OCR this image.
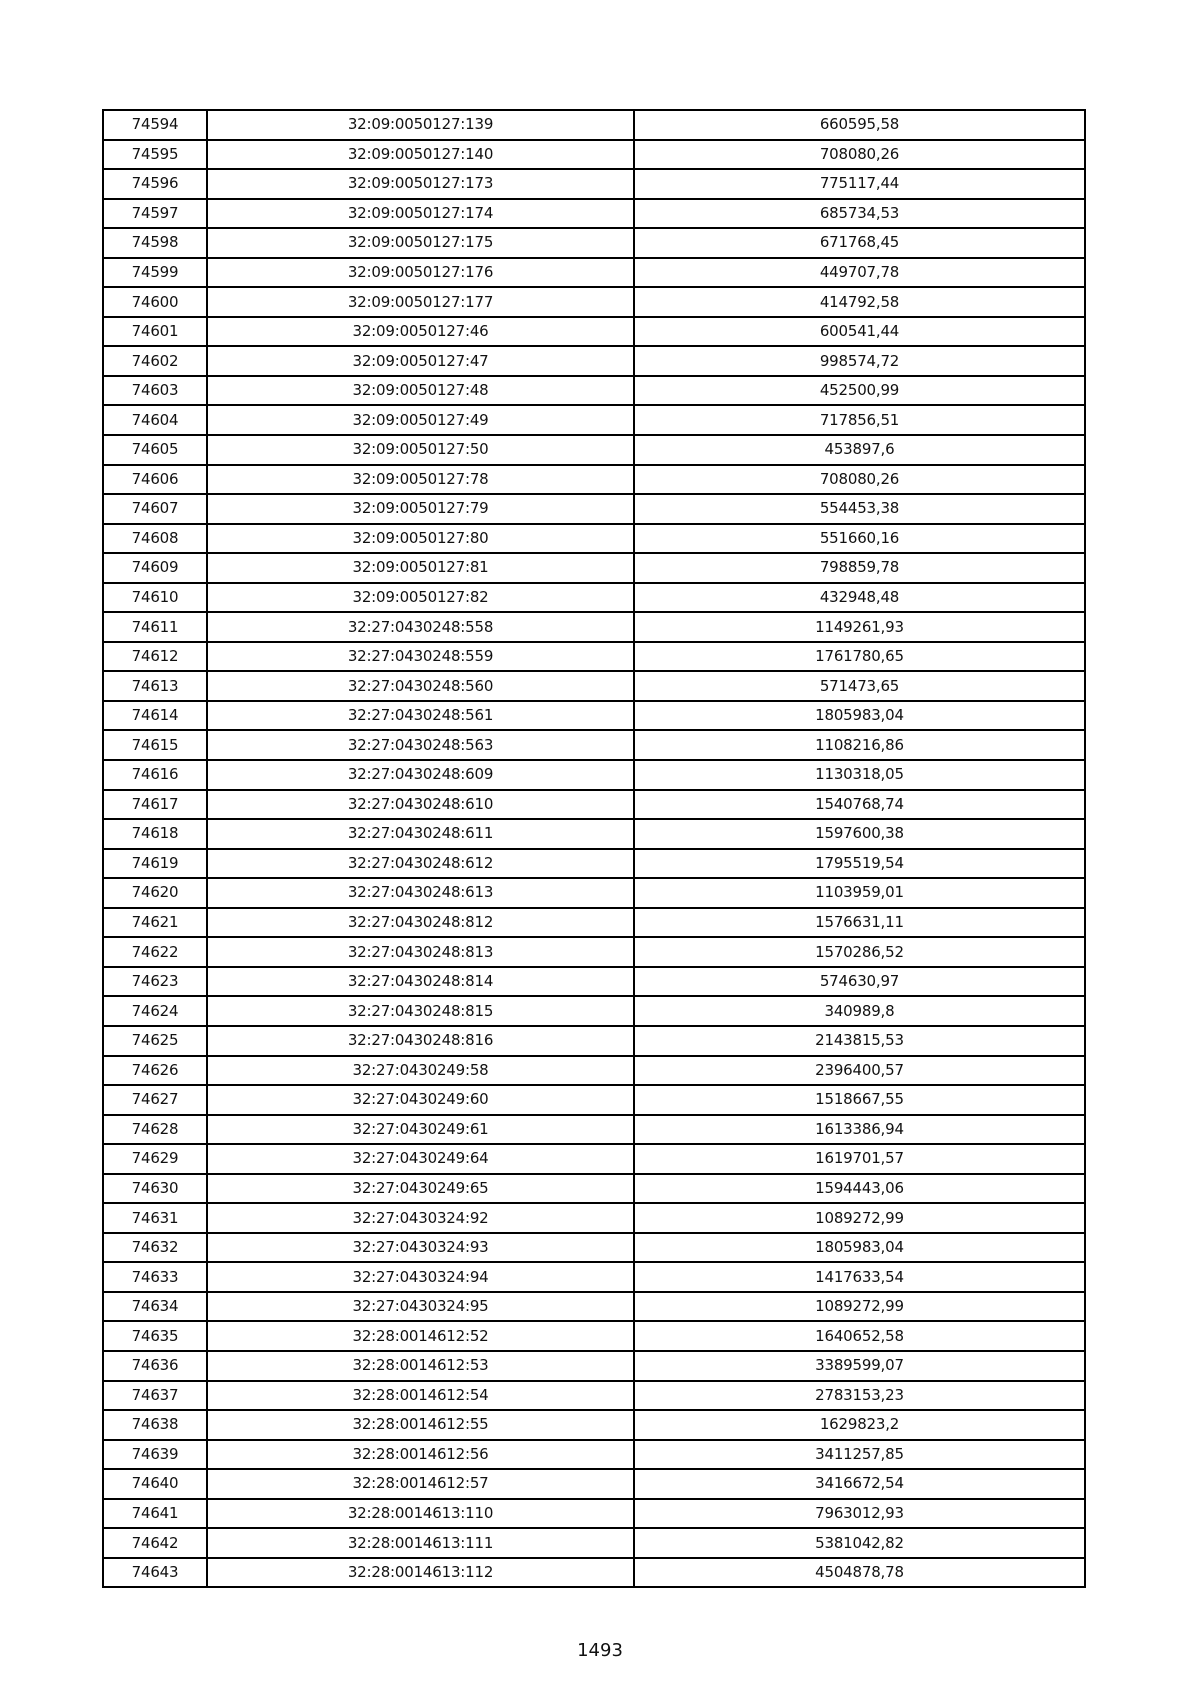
74594	32:09:0050127:139	660595,58
74595	32:09:0050127:140	708080,26
74596	32:09:0050127:173	775117,44
74597	32:09:0050127:174	685734,53
74598	32:09:0050127:175	671768,45
74599	32:09:0050127:176	449707,78
74600	32:09:0050127:177	414792,58
74601	32:09:0050127:46	600541,44
74602	32:09:0050127:47	998574,72
74603	32:09:0050127:48	452500,99
74604	32:09:0050127:49	717856,51
74605	32:09:0050127:50	453897,6
74606	32:09:0050127:78	708080,26
74607	32:09:0050127:79	554453,38
74608	32:09:0050127:80	551660,16
74609	32:09:0050127:81	798859,78
74610	32:09:0050127:82	432948,48
74611	32:27:0430248:558	1149261,93
74612	32:27:0430248:559	1761780,65
74613	32:27:0430248:560	571473,65
74614	32:27:0430248:561	1805983,04
74615	32:27:0430248:563	1108216,86
74616	32:27:0430248:609	1130318,05
74617	32:27:0430248:610	1540768,74
74618	32:27:0430248:611	1597600,38
74619	32:27:0430248:612	1795519,54
74620	32:27:0430248:613	1103959,01
74621	32:27:0430248:812	1576631,11
74622	32:27:0430248:813	1570286,52
74623	32:27:0430248:814	574630,97
74624	32:27:0430248:815	340989,8
74625	32:27:0430248:816	2143815,53
74626	32:27:0430249:58	2396400,57
74627	32:27:0430249:60	1518667,55
74628	32:27:0430249:61	1613386,94
74629	32:27:0430249:64	1619701,57
74630	32:27:0430249:65	1594443,06
74631	32:27:0430324:92	1089272,99
74632	32:27:0430324:93	1805983,04
74633	32:27:0430324:94	1417633,54
74634	32:27:0430324:95	1089272,99
74635	32:28:0014612:52	1640652,58
74636	32:28:0014612:53	3389599,07
74637	32:28:0014612:54	2783153,23
74638	32:28:0014612:55	1629823,2
74639	32:28:0014612:56	3411257,85
74640	32:28:0014612:57	3416672,54
74641	32:28:0014613:110	7963012,93
74642	32:28:0014613:111	5381042,82
74643	32:28:0014613:112	4504878,78
1493
